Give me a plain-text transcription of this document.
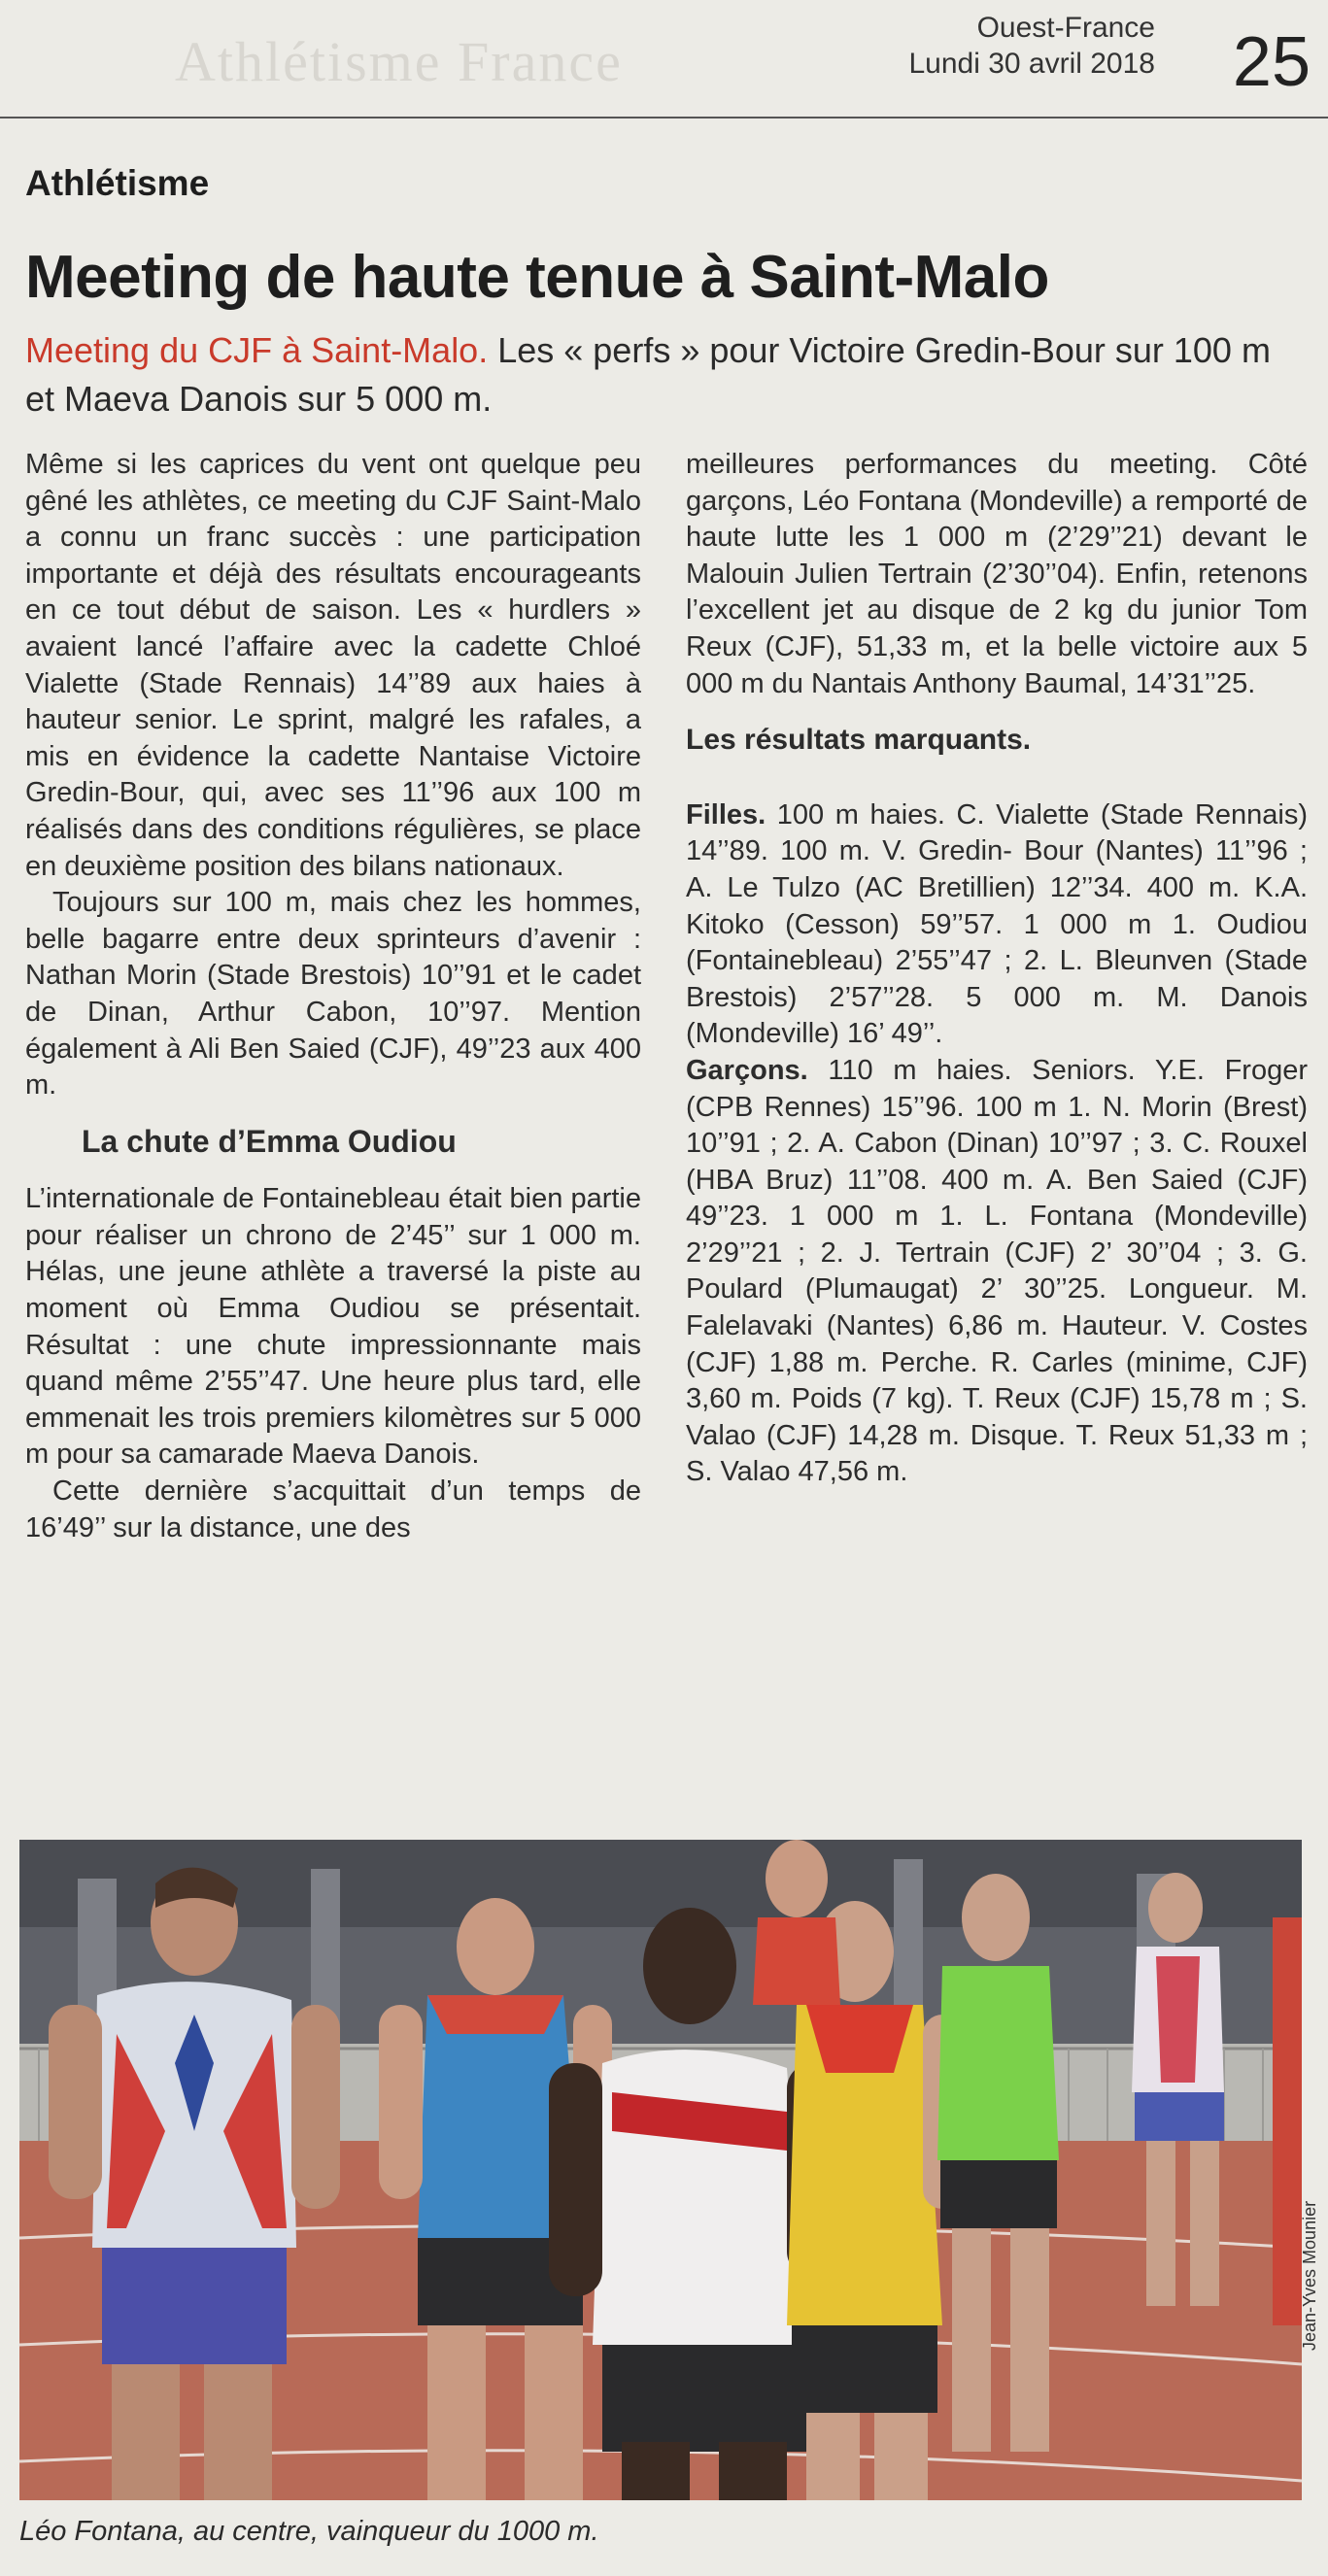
Athlétisme France
Ouest-France
Lundi 30 avril 2018 25
Athlétisme
Meeting de haute tenue à Saint-Malo
Meeting du CJF à Saint-Malo. Les « perfs » pour Victoire Gredin-Bour sur 100 m et Maeva Danois sur 5 000 m.

Même si les caprices du vent ont quelque peu gêné les athlètes, ce meeting du CJF Saint-Malo a connu un franc succès : une participation importante et déjà des résultats encourageants en ce tout début de saison. Les « hurdlers » avaient lancé l’affaire avec la cadette Chloé Vialette (Stade Rennais) 14’’89 aux haies à hauteur senior. Le sprint, malgré les rafales, a mis en évidence la cadette Nantaise Victoire Gredin-Bour, qui, avec ses 11’’96 aux 100 m réalisés dans des conditions régulières, se place en deuxième position des bilans nationaux.

Toujours sur 100 m, mais chez les hommes, belle bagarre entre deux sprinteurs d’avenir : Nathan Morin (Stade Brestois) 10’’91 et le cadet de Dinan, Arthur Cabon, 10’’97. Mention également à Ali Ben Saied (CJF), 49’’23 aux 400 m.

La chute d’Emma Oudiou

L’internationale de Fontainebleau était bien partie pour réaliser un chrono de 2’45’’ sur 1 000 m. Hélas, une jeune athlète a traversé la piste au moment où Emma Oudiou se présentait. Résultat : une chute impressionnante mais quand même 2’55’’47. Une heure plus tard, elle emmenait les trois premiers kilomètres sur 5 000 m pour sa camarade Maeva Danois.

Cette dernière s’acquittait d’un temps de 16’49’’ sur la distance, une des

meilleures performances du meeting. Côté garçons, Léo Fontana (Mondeville) a remporté de haute lutte les 1 000 m (2’29’’21) devant le Malouin Julien Tertrain (2’30’’04). Enfin, retenons l’excellent jet au disque de 2 kg du junior Tom Reux (CJF), 51,33 m, et la belle victoire aux 5 000 m du Nantais Anthony Baumal, 14’31’’25.

Les résultats marquants.

Filles. 100 m haies. C. Vialette (Stade Rennais) 14’’89. 100 m. V. Gredin- Bour (Nantes) 11’’96 ; A. Le Tulzo (AC Bretillien) 12’’34. 400 m. K.A. Kitoko (Cesson) 59’’57. 1 000 m 1. Oudiou (Fontainebleau) 2’55’’47 ; 2. L. Bleunven (Stade Brestois) 2’57’’28. 5 000 m. M. Danois (Mondeville) 16’ 49’’.

Garçons. 110 m haies. Seniors. Y.E. Froger (CPB Rennes) 15’’96. 100 m 1. N. Morin (Brest) 10’’91 ; 2. A. Cabon (Dinan) 10’’97 ; 3. C. Rouxel (HBA Bruz) 11’’08. 400 m. A. Ben Saied (CJF) 49’’23. 1 000 m 1. L. Fontana (Mondeville) 2’29’’21 ; 2. J. Tertrain (CJF) 2’ 30’’04 ; 3. G. Poulard (Plumaugat) 2’ 30’’25. Longueur. M. Falelavaki (Nantes) 6,86 m. Hauteur. V. Costes (CJF) 1,88 m. Perche. R. Carles (minime, CJF) 3,60 m. Poids (7 kg). T. Reux (CJF) 15,78 m ; S. Valao (CJF) 14,28 m. Disque. T. Reux 51,33 m ; S. Valao 47,56 m.

Jean-Yves Mounier
Léo Fontana, au centre, vainqueur du 1000 m.
